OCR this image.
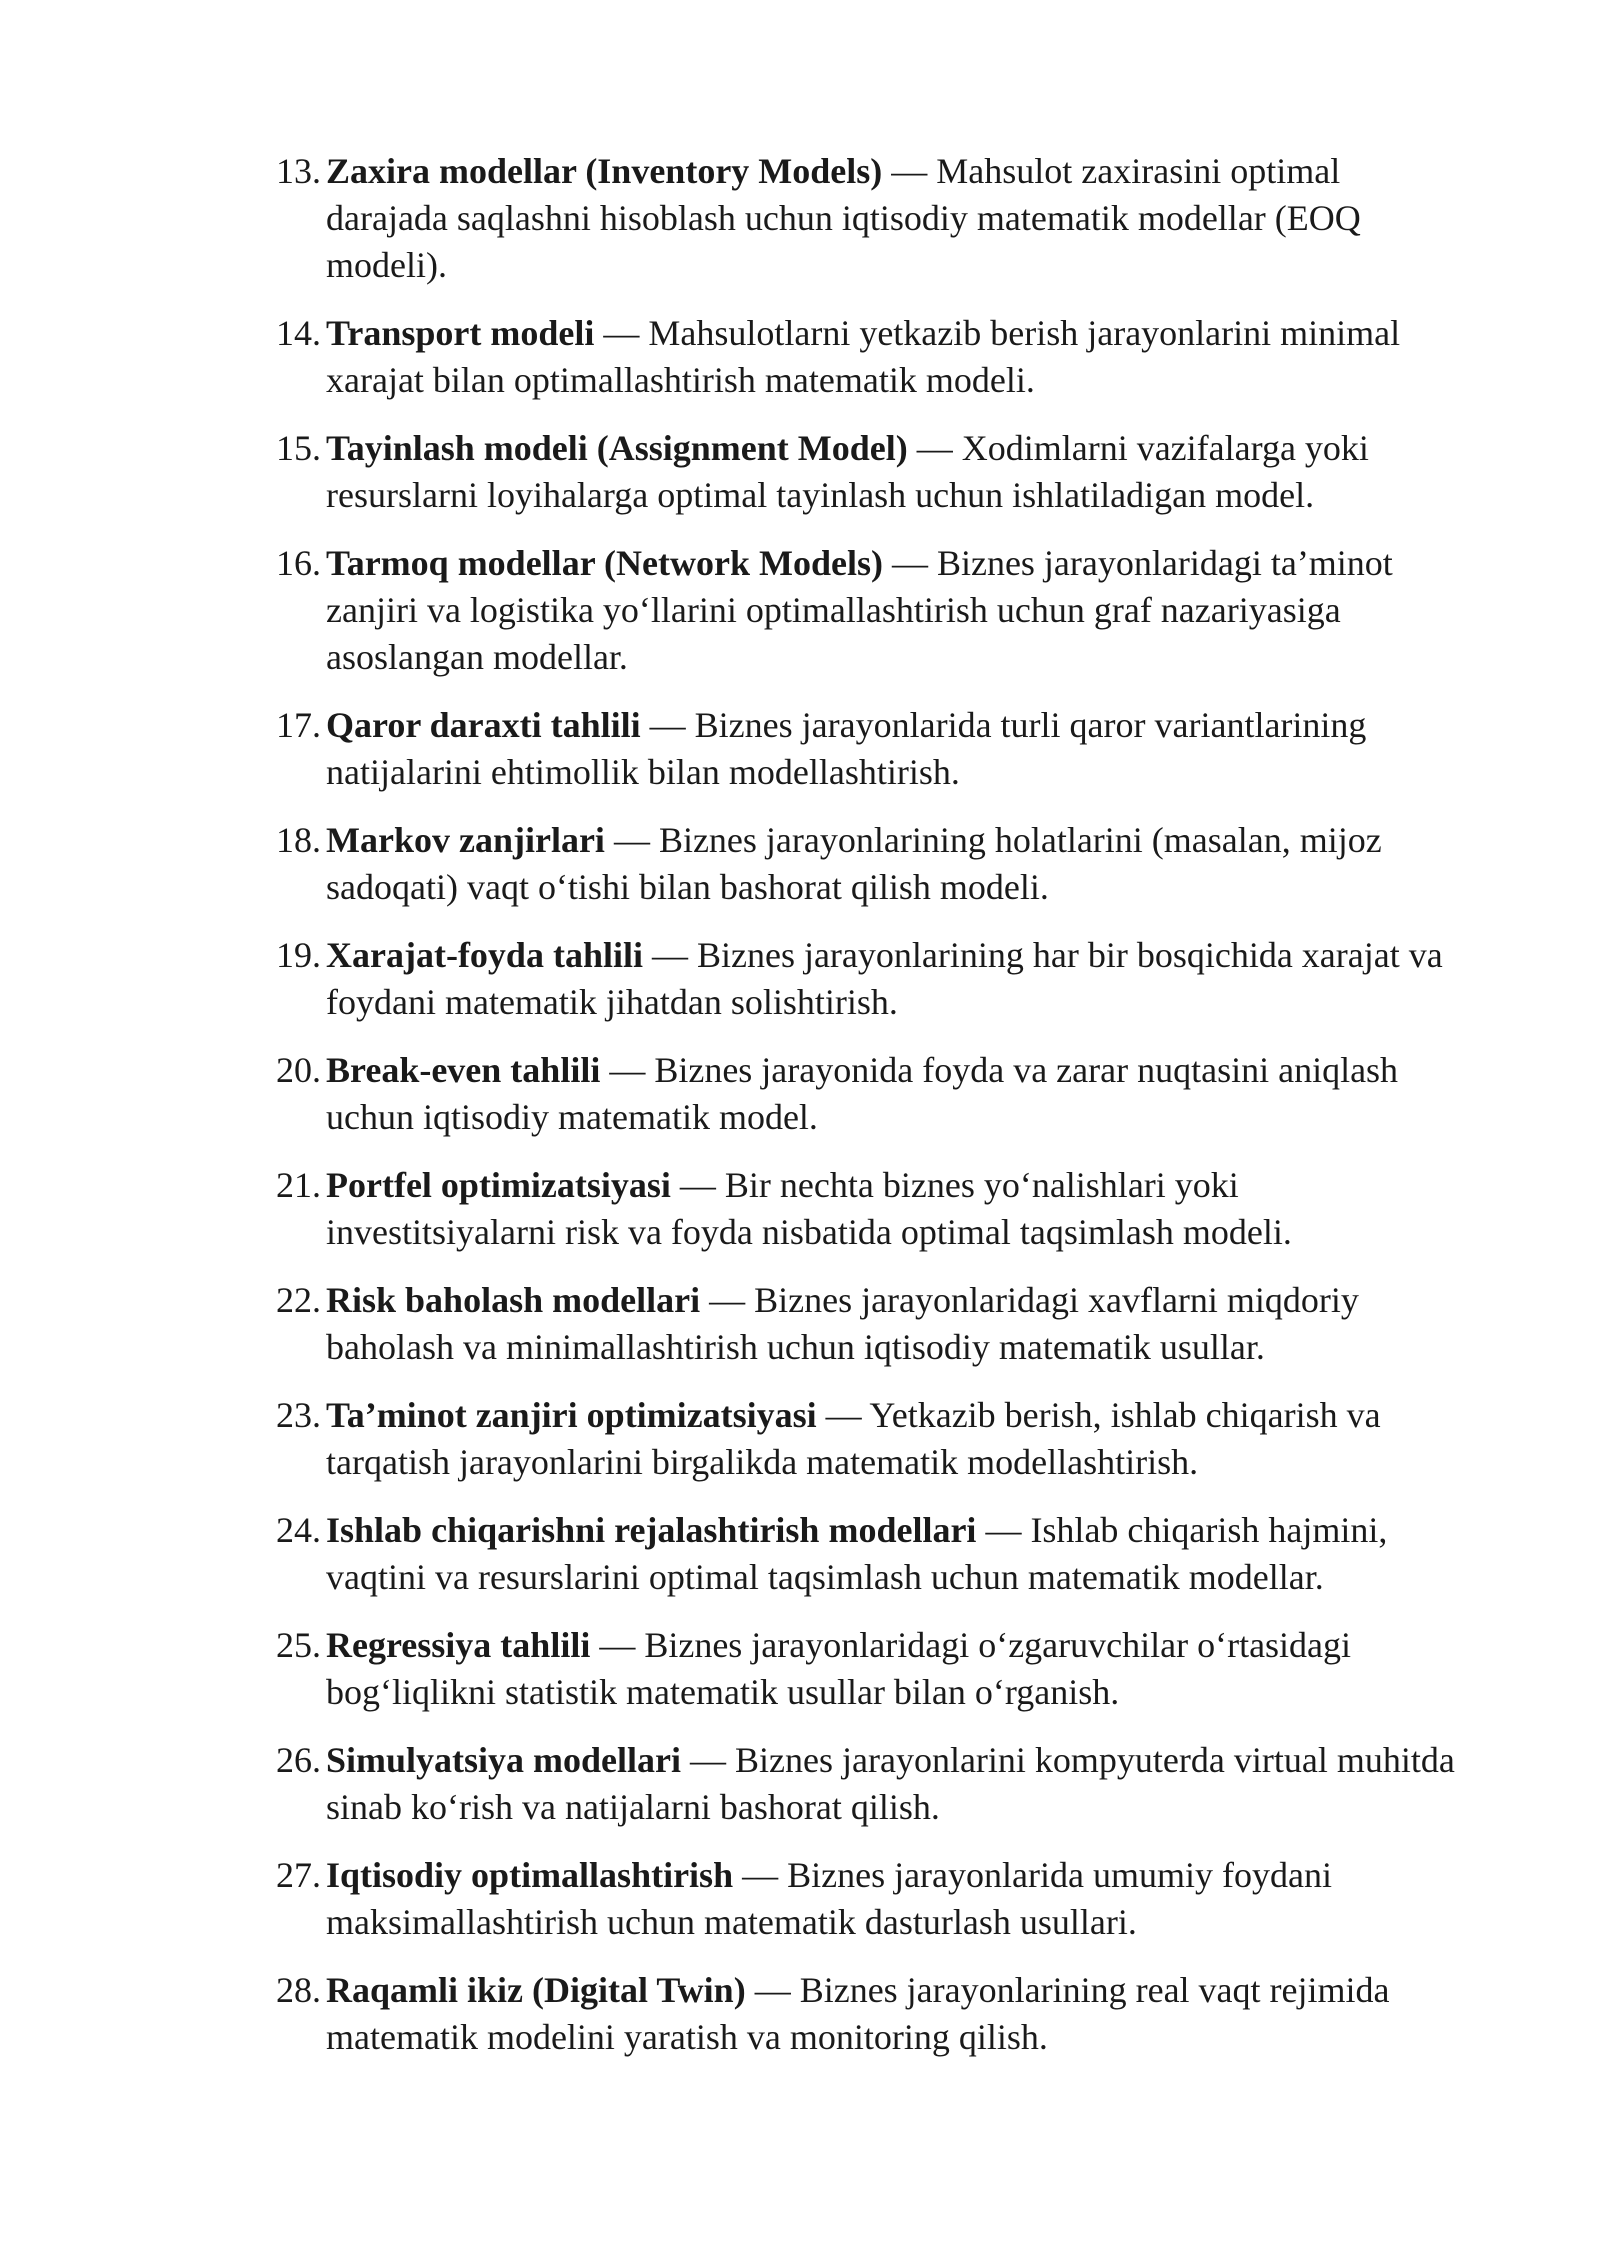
13. Zaxira modellar (Inventory Models) — Mahsulot zaxirasini optimal darajada saqlashni hisoblash uchun iqtisodiy matematik modellar (EOQ modeli).
14. Transport modeli — Mahsulotlarni yetkazib berish jarayonlarini minimal xarajat bilan optimallashtirish matematik modeli.
15. Tayinlash modeli (Assignment Model) — Xodimlarni vazifalarga yoki resurslarni loyihalarga optimal tayinlash uchun ishlatiladigan model.
16. Tarmoq modellar (Network Models) — Biznes jarayonlaridagi ta’minot zanjiri va logistika yo‘llarini optimallashtirish uchun graf nazariyasiga asoslangan modellar.
17. Qaror daraxti tahlili — Biznes jarayonlarida turli qaror variantlarining natijalarini ehtimollik bilan modellashtirish.
18. Markov zanjirlari — Biznes jarayonlarining holatlarini (masalan, mijoz sadoqati) vaqt o‘tishi bilan bashorat qilish modeli.
19. Xarajat-foyda tahlili — Biznes jarayonlarining har bir bosqichida xarajat va foydani matematik jihatdan solishtirish.
20. Break-even tahlili — Biznes jarayonida foyda va zarar nuqtasini aniqlash uchun iqtisodiy matematik model.
21. Portfel optimizatsiyasi — Bir nechta biznes yo‘nalishlari yoki investitsiyalarni risk va foyda nisbatida optimal taqsimlash modeli.
22. Risk baholash modellari — Biznes jarayonlaridagi xavflarni miqdoriy baholash va minimallashtirish uchun iqtisodiy matematik usullar.
23. Ta’minot zanjiri optimizatsiyasi — Yetkazib berish, ishlab chiqarish va tarqatish jarayonlarini birgalikda matematik modellashtirish.
24. Ishlab chiqarishni rejalashtirish modellari — Ishlab chiqarish hajmini, vaqtini va resurslarini optimal taqsimlash uchun matematik modellar.
25. Regressiya tahlili — Biznes jarayonlaridagi o‘zgaruvchilar o‘rtasidagi bog‘liqlikni statistik matematik usullar bilan o‘rganish.
26. Simulyatsiya modellari — Biznes jarayonlarini kompyuterda virtual muhitda sinab ko‘rish va natijalarni bashorat qilish.
27. Iqtisodiy optimallashtirish — Biznes jarayonlarida umumiy foydani maksimallashtirish uchun matematik dasturlash usullari.
28. Raqamli ikiz (Digital Twin) — Biznes jarayonlarining real vaqt rejimida matematik modelini yaratish va monitoring qilish.
